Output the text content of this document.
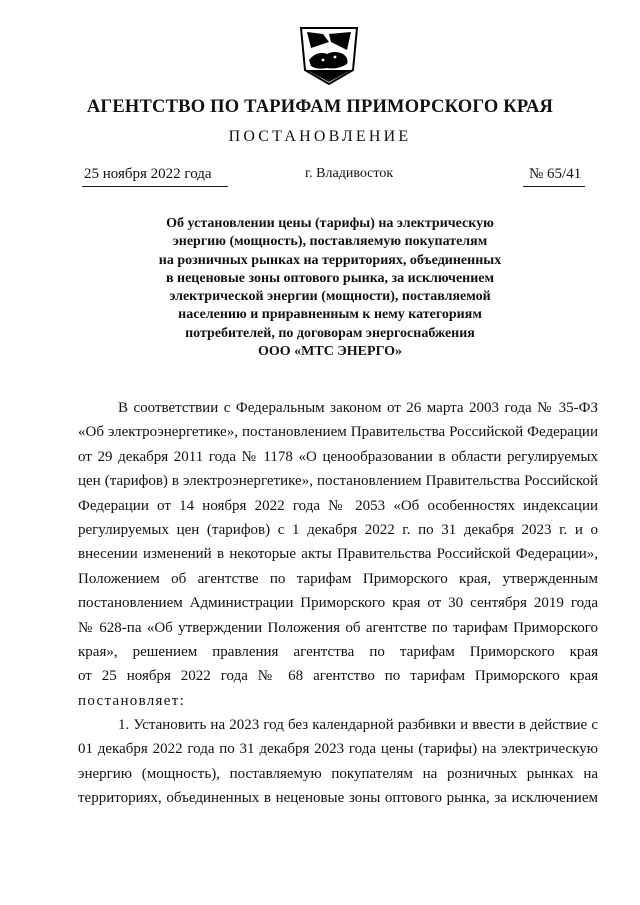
АГЕНТСТВО ПО ТАРИФАМ ПРИМОРСКОГО КРАЯ
ПОСТАНОВЛЕНИЕ
25 ноября 2022 года	г. Владивосток	№ 65/41
Об установлении цены (тарифы) на электрическую
энергию (мощность), поставляемую покупателям
на розничных рынках на территориях, объединенных
в неценовые зоны оптового рынка, за исключением
электрической энергии (мощности), поставляемой
населению и приравненным к нему категориям
потребителей, по договорам энергоснабжения
ООО «МТС ЭНЕРГО»
В соответствии с Федеральным законом от 26 марта 2003 года № 35-ФЗ
«Об электроэнергетике», постановлением Правительства Российской Федерации
от 29 декабря 2011 года № 1178 «О ценообразовании в области регулируемых
цен (тарифов) в электроэнергетике», постановлением Правительства Российской
Федерации от 14 ноября 2022 года № 2053 «Об особенностях индексации
регулируемых цен (тарифов) с 1 декабря 2022 г. по 31 декабря 2023 г. и о
внесении изменений в некоторые акты Правительства Российской Федерации»,
Положением об агентстве по тарифам Приморского края, утвержденным
постановлением Администрации Приморского края от 30 сентября 2019 года
№ 628-па «Об утверждении Положения об агентстве по тарифам Приморского
края», решением правления агентства по тарифам Приморского края
от 25 ноября 2022 года № 68 агентство по тарифам Приморского края
постановляет:
1. Установить на 2023 год без календарной разбивки и ввести в действие с
01 декабря 2022 года по 31 декабря 2023 года цены (тарифы) на электрическую
энергию (мощность), поставляемую покупателям на розничных рынках на
территориях, объединенных в неценовые зоны оптового рынка, за исключением
